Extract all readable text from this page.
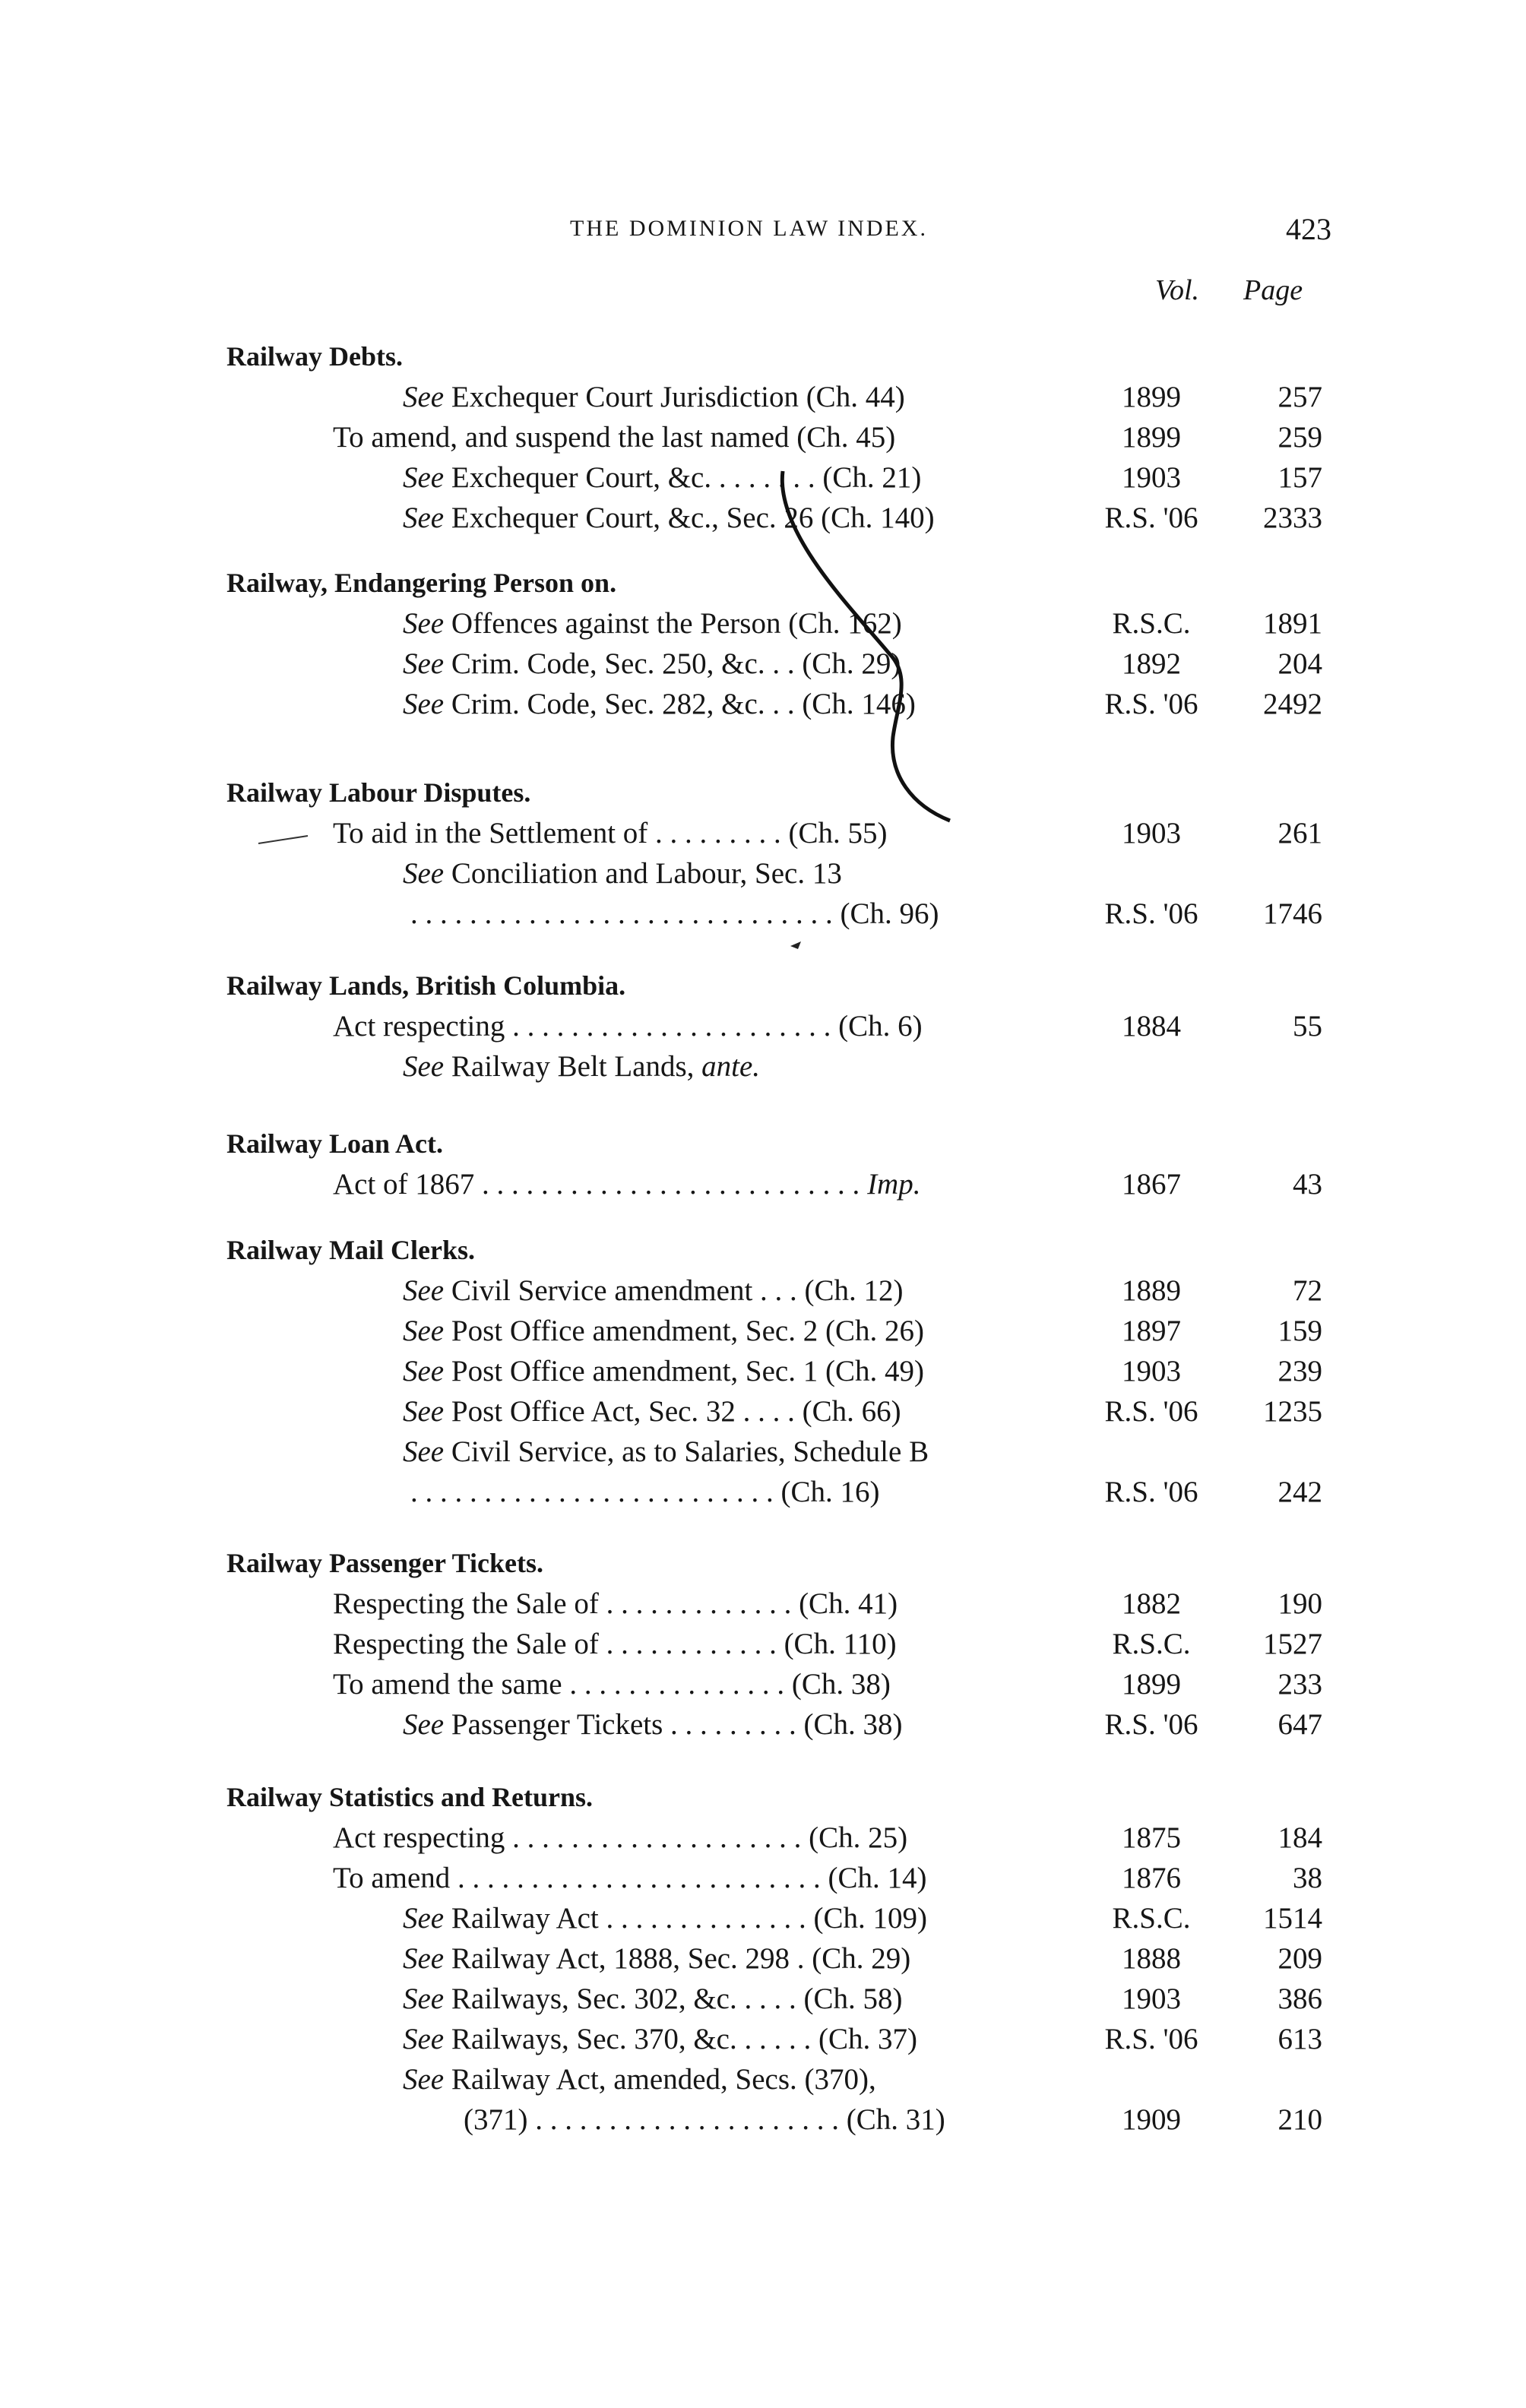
THE DOMINION LAW INDEX.	423
Vol. Page
Railway Debts.
See Exchequer Court Jurisdiction (Ch. 44)	1899	257
To amend, and suspend the last named (Ch. 45)	1899	259
See Exchequer Court, &c. . . . . . . . (Ch. 21)	1903	157
See Exchequer Court, &c., Sec. 26 (Ch. 140)	R.S. '06	2333
Railway, Endangering Person on.
See Offences against the Person (Ch. 162)	R.S.C.	1891
See Crim. Code, Sec. 250, &c. . . (Ch. 29)	1892	204
See Crim. Code, Sec. 282, &c. . . (Ch. 146)	R.S. '06	2492
Railway Labour Disputes.
To aid in the Settlement of . . . . . . . . . (Ch. 55)	1903	261
See Conciliation and Labour, Sec. 13
. . . . . . . . . . . . . . . . . . . . . . . . . . . . . (Ch. 96)	R.S. '06	1746
Railway Lands, British Columbia.
Act respecting . . . . . . . . . . . . . . . . . . . . . . (Ch. 6)	1884	55
See Railway Belt Lands, ante.
Railway Loan Act.
Act of 1867 . . . . . . . . . . . . . . . . . . . . . . . . . . Imp.	1867	43
Railway Mail Clerks.
See Civil Service amendment . . . (Ch. 12)	1889	72
See Post Office amendment, Sec. 2 (Ch. 26)	1897	159
See Post Office amendment, Sec. 1 (Ch. 49)	1903	239
See Post Office Act, Sec. 32 . . . . (Ch. 66)	R.S. '06	1235
See Civil Service, as to Salaries, Schedule B
. . . . . . . . . . . . . . . . . . . . . . . . . (Ch. 16)	R.S. '06	242
Railway Passenger Tickets.
Respecting the Sale of . . . . . . . . . . . . . (Ch. 41)	1882	190
Respecting the Sale of . . . . . . . . . . . . (Ch. 110)	R.S.C.	1527
To amend the same . . . . . . . . . . . . . . . (Ch. 38)	1899	233
See Passenger Tickets . . . . . . . . . (Ch. 38)	R.S. '06	647
Railway Statistics and Returns.
Act respecting . . . . . . . . . . . . . . . . . . . . (Ch. 25)	1875	184
To amend . . . . . . . . . . . . . . . . . . . . . . . . . (Ch. 14)	1876	38
See Railway Act . . . . . . . . . . . . . . (Ch. 109)	R.S.C.	1514
See Railway Act, 1888, Sec. 298 . (Ch. 29)	1888	209
See Railways, Sec. 302, &c. . . . . (Ch. 58)	1903	386
See Railways, Sec. 370, &c. . . . . . (Ch. 37)	R.S. '06	613
See Railway Act, amended, Secs. (370),
(371) . . . . . . . . . . . . . . . . . . . . . (Ch. 31)	1909	210
